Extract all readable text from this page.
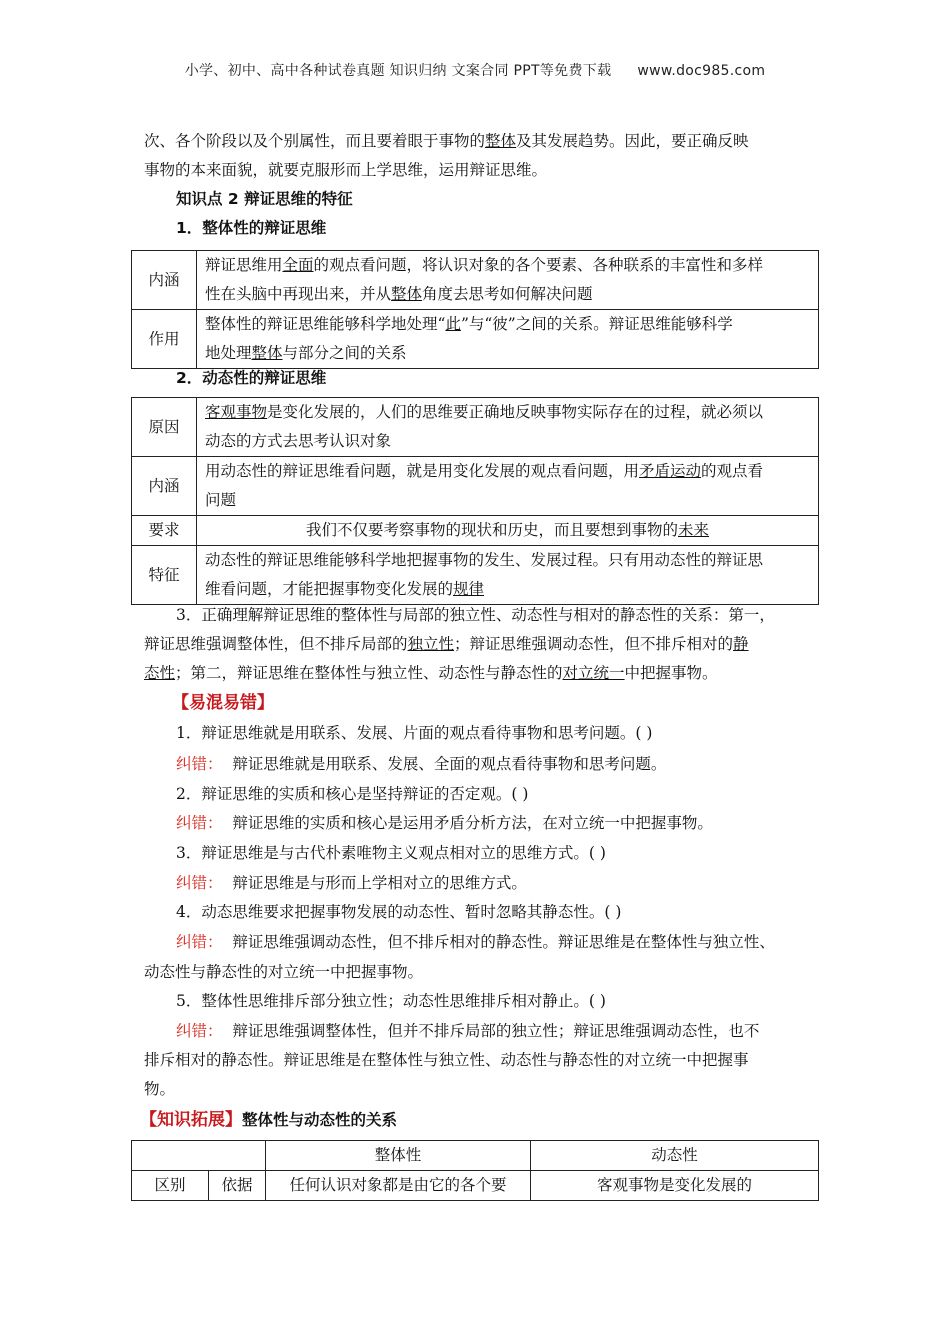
小学、初中、高中各种试卷真题 知识归纳 文案合同 PPT等免费下载 www.doc985.com
次、各个阶段以及个别属性，而且要着眼于事物的整体及其发展趋势。因此，要正确反映
事物的本来面貌，就要克服形而上学思维，运用辩证思维。
知识点 2 辩证思维的特征
1．整体性的辩证思维
内涵	辩证思维用全面的观点看问题，将认识对象的各个要素、各种联系的丰富性和多样
性在头脑中再现出来，并从整体角度去思考如何解决问题
作用	整体性的辩证思维能够科学地处理“此”与“彼”之间的关系。辩证思维能够科学
地处理整体与部分之间的关系
2．动态性的辩证思维
原因	客观事物是变化发展的，人们的思维要正确地反映事物实际存在的过程，就必须以
动态的方式去思考认识对象
内涵	用动态性的辩证思维看问题，就是用变化发展的观点看问题，用矛盾运动的观点看
问题
要求	我们不仅要考察事物的现状和历史，而且要想到事物的未来
特征	动态性的辩证思维能够科学地把握事物的发生、发展过程。只有用动态性的辩证思
维看问题，才能把握事物变化发展的规律
3．正确理解辩证思维的整体性与局部的独立性、动态性与相对的静态性的关系：第一，
辩证思维强调整体性，但不排斥局部的独立性；辩证思维强调动态性，但不排斥相对的静
态性；第二，辩证思维在整体性与独立性、动态性与静态性的对立统一中把握事物。
【易混易错】
1．辩证思维就是用联系、发展、片面的观点看待事物和思考问题。( )
纠错： 辩证思维就是用联系、发展、全面的观点看待事物和思考问题。
2．辩证思维的实质和核心是坚持辩证的否定观。( )
纠错： 辩证思维的实质和核心是运用矛盾分析方法，在对立统一中把握事物。
3．辩证思维是与古代朴素唯物主义观点相对立的思维方式。( )
纠错： 辩证思维是与形而上学相对立的思维方式。
4．动态思维要求把握事物发展的动态性、暂时忽略其静态性。( )
纠错： 辩证思维强调动态性，但不排斥相对的静态性。辩证思维是在整体性与独立性、
动态性与静态性的对立统一中把握事物。
5．整体性思维排斥部分独立性；动态性思维排斥相对静止。( )
纠错： 辩证思维强调整体性，但并不排斥局部的独立性；辩证思维强调动态性，也不
排斥相对的静态性。辩证思维是在整体性与独立性、动态性与静态性的对立统一中把握事
物。
【知识拓展】整体性与动态性的关系
		整体性	动态性
区别	依据	任何认识对象都是由它的各个要	客观事物是变化发展的
